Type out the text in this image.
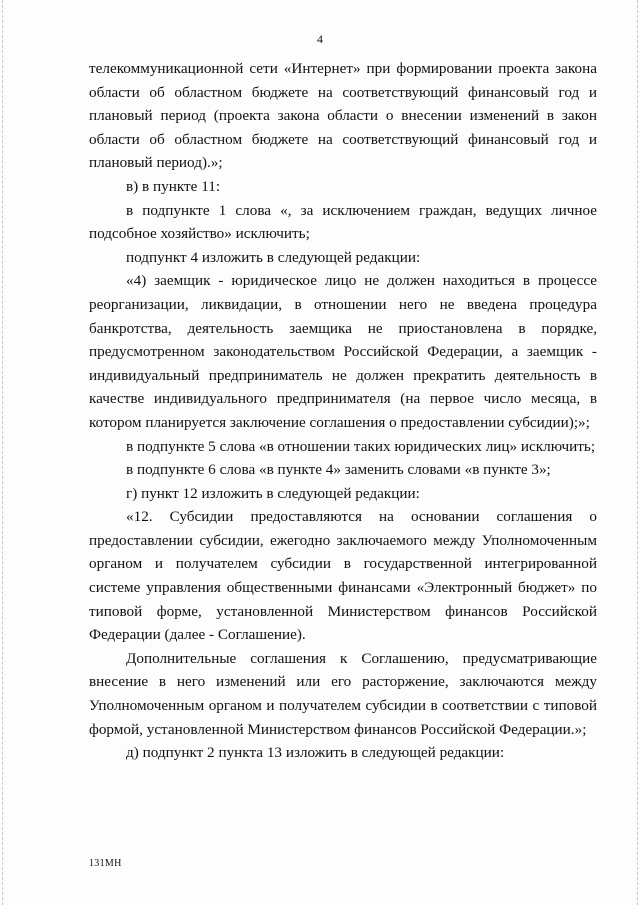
4

телекоммуникационной сети «Интернет» при формировании проекта закона области об областном бюджете на соответствующий финансовый год и плановый период (проекта закона области о внесении изменений в закон области об областном бюджете на соответствующий финансовый год и плановый период).»;

в) в пункте 11:

в подпункте 1 слова «, за исключением граждан, ведущих личное подсобное хозяйство» исключить;

подпункт 4 изложить в следующей редакции:

«4) заемщик - юридическое лицо не должен находиться в процессе реорганизации, ликвидации, в отношении него не введена процедура банкротства, деятельность заемщика не приостановлена в порядке, предусмотренном законодательством Российской Федерации, а заемщик - индивидуальный предприниматель не должен прекратить деятельность в качестве индивидуального предпринимателя (на первое число месяца, в котором планируется заключение соглашения о предоставлении субсидии);»;

в подпункте 5 слова «в отношении таких юридических лиц» исключить;

в подпункте 6 слова «в пункте 4» заменить словами «в пункте 3»;

г) пункт 12 изложить в следующей редакции:

«12. Субсидии предоставляются на основании соглашения о предоставлении субсидии, ежегодно заключаемого между Уполномоченным органом и получателем субсидии в государственной интегрированной системе управления общественными финансами «Электронный бюджет» по типовой форме, установленной Министерством финансов Российской Федерации (далее - Соглашение).

Дополнительные соглашения к Соглашению, предусматривающие внесение в него изменений или его расторжение, заключаются между Уполномоченным органом и получателем субсидии в соответствии с типовой формой, установленной Министерством финансов Российской Федерации.»;

д) подпункт 2 пункта 13 изложить в следующей редакции:

131МН
